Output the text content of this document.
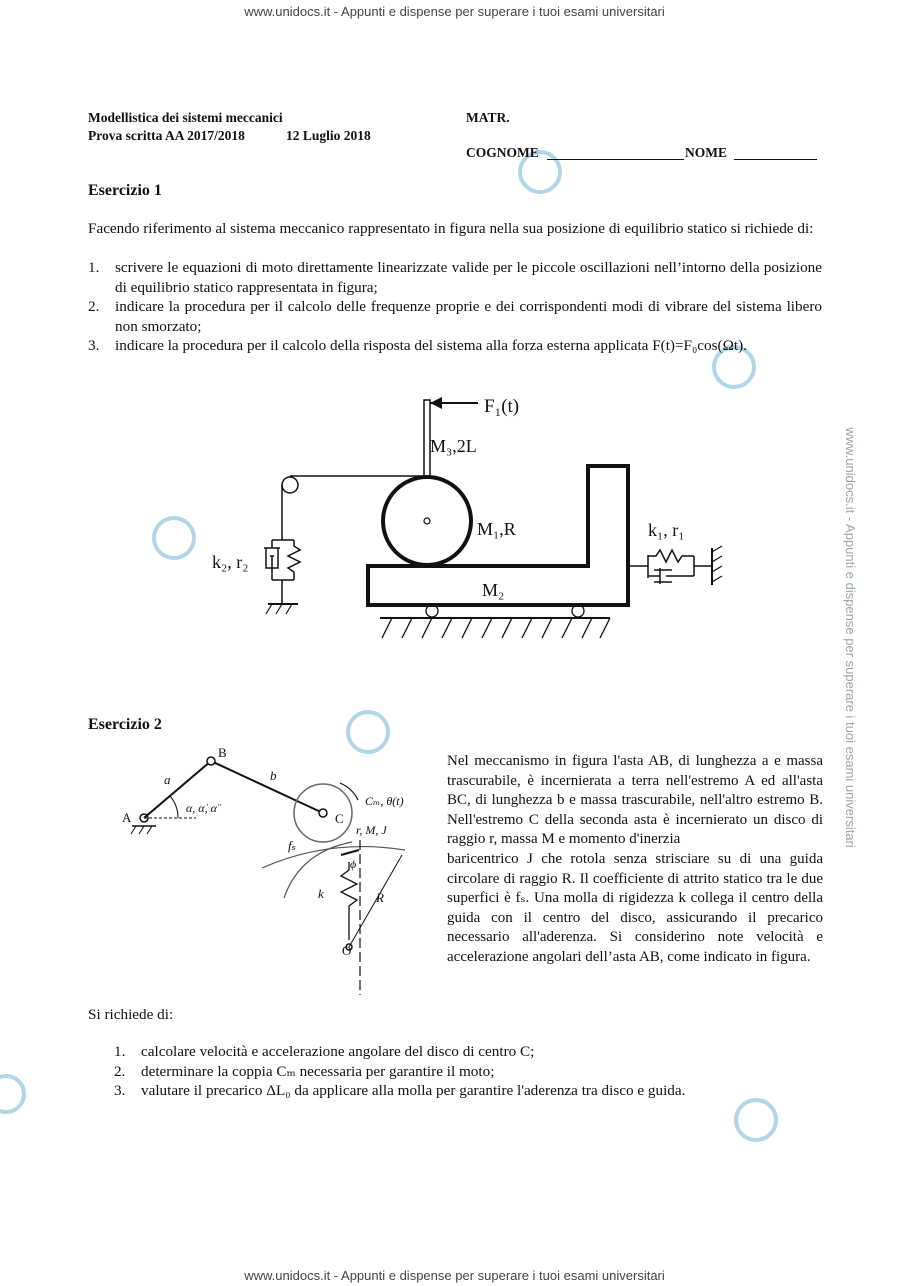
www.unidocs.it - Appunti e dispense per superare i tuoi esami universitari
www.unidocs.it - Appunti e dispense per superare i tuoi esami universitari
www.unidocs.it - Appunti e dispense per superare i tuoi esami universitari
Modellistica dei sistemi meccanici
Prova scritta AA 2017/2018	12 Luglio 2018
MATR.
COGNOME	NOME
Esercizio 1
Facendo riferimento al sistema meccanico rappresentato in figura nella sua posizione di equilibrio statico si richiede di:
1. scrivere le equazioni di moto direttamente linearizzate valide per le piccole oscillazioni nell’intorno della posizione di equilibrio statico rappresentata in figura;
2. indicare la procedura per il calcolo delle frequenze proprie e dei corrispondenti modi di vibrare del sistema libero non smorzato;
3. indicare la procedura per il calcolo della risposta del sistema alla forza esterna applicata F(t)=F₀cos(Ωt).
F₁(t)
M₃,2L
M₁,R
M₂
k₁, r₁
k₂, r₂
Esercizio 2
A
B
C
O
a	b
α, α̇, α̈	Cₘ, θ(t)
r, M, J
fₛ
k	R
ϕ
Nel meccanismo in figura l'asta AB, di lunghezza a e massa trascurabile, è incernierata a terra nell'estremo A ed all'asta BC, di lunghezza b e massa trascurabile, nell'altro estremo B. Nell'estremo C della seconda asta è incernierato un disco di raggio r, massa M e momento d'inerzia
baricentrico J che rotola senza strisciare su di una guida circolare di raggio R. Il coefficiente di attrito statico tra le due superfici è fₛ. Una molla di rigidezza k collega il centro della guida con il centro del disco, assicurando il precarico necessario all'aderenza. Si considerino note velocità e accelerazione angolari dell’asta AB, come indicato in figura.
Si richiede di:
1. calcolare velocità e accelerazione angolare del disco di centro C;
2. determinare la coppia Cₘ necessaria per garantire il moto;
3. valutare il precarico ΔL₀ da applicare alla molla per garantire l'aderenza tra disco e guida.
